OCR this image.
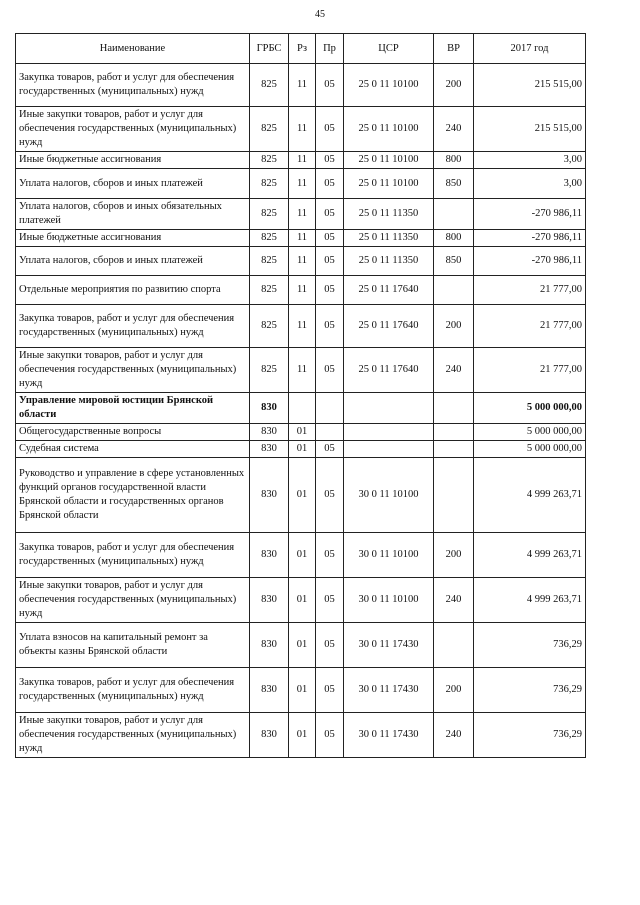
45
Наименование	ГРБС	Рз	Пр	ЦСР	ВР	2017 год
Закупка товаров, работ и услуг для обеспечения государственных (муниципальных) нужд	825	11	05	25 0 11 10100	200	215 515,00
Иные закупки товаров, работ и услуг для обеспечения государственных (муниципальных) нужд	825	11	05	25 0 11 10100	240	215 515,00
Иные бюджетные ассигнования	825	11	05	25 0 11 10100	800	3,00
Уплата налогов, сборов и иных платежей	825	11	05	25 0 11 10100	850	3,00
Уплата налогов, сборов и иных обязательных платежей	825	11	05	25 0 11 11350		-270 986,11
Иные бюджетные ассигнования	825	11	05	25 0 11 11350	800	-270 986,11
Уплата налогов, сборов и иных платежей	825	11	05	25 0 11 11350	850	-270 986,11
Отдельные мероприятия по развитию спорта	825	11	05	25 0 11 17640		21 777,00
Закупка товаров, работ и услуг для обеспечения государственных (муниципальных) нужд	825	11	05	25 0 11 17640	200	21 777,00
Иные закупки товаров, работ и услуг для обеспечения государственных (муниципальных) нужд	825	11	05	25 0 11 17640	240	21 777,00
Управление мировой юстиции Брянской области	830					5 000 000,00
Общегосударственные вопросы	830	01				5 000 000,00
Судебная система	830	01	05			5 000 000,00
Руководство и управление в сфере установленных функций органов государственной власти Брянской области и государственных органов Брянской области	830	01	05	30 0 11 10100		4 999 263,71
Закупка товаров, работ и услуг для обеспечения государственных (муниципальных) нужд	830	01	05	30 0 11 10100	200	4 999 263,71
Иные закупки товаров, работ и услуг для обеспечения государственных (муниципальных) нужд	830	01	05	30 0 11 10100	240	4 999 263,71
Уплата взносов на капитальный ремонт за объекты казны Брянской области	830	01	05	30 0 11 17430		736,29
Закупка товаров, работ и услуг для обеспечения государственных (муниципальных) нужд	830	01	05	30 0 11 17430	200	736,29
Иные закупки товаров, работ и услуг для обеспечения государственных (муниципальных) нужд	830	01	05	30 0 11 17430	240	736,29
